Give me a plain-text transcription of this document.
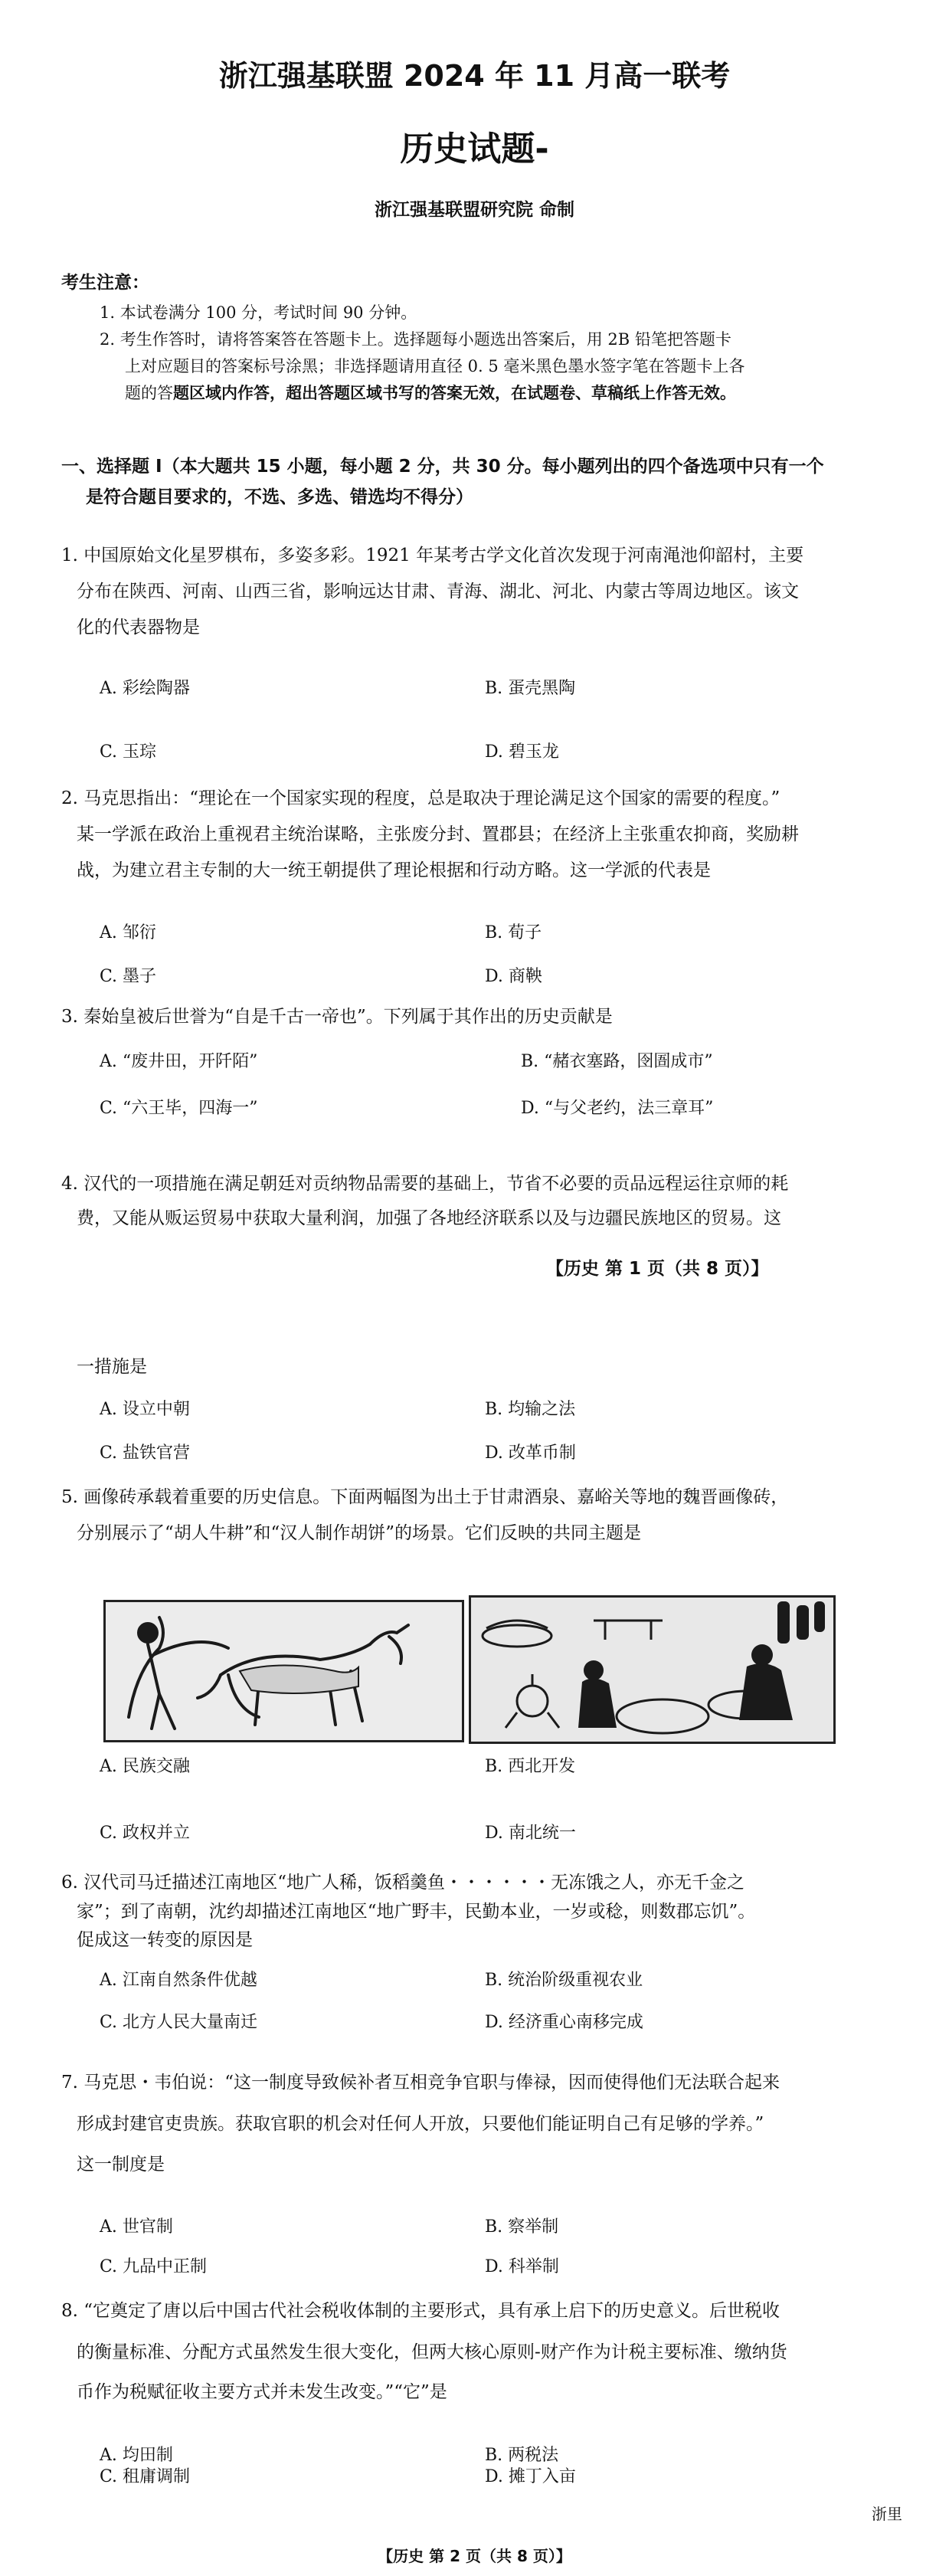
浙江强基联盟 2024 年 11 月高一联考
历史试题-
浙江强基联盟研究院 命制
考生注意：
1. 本试卷满分 100 分，考试时间 90 分钟。
2. 考生作答时，请将答案答在答题卡上。选择题每小题选出答案后，用 2B 铅笔把答题卡
上对应题目的答案标号涂黑；非选择题请用直径 0. 5 毫米黑色墨水签字笔在答题卡上各
题的答题区域内作答，超出答题区域书写的答案无效，在试题卷、草稿纸上作答无效。
一、选择题 I（本大题共 15 小题，每小题 2 分，共 30 分。每小题列出的四个备选项中只有一个
是符合题目要求的，不选、多选、错选均不得分）
1. 中国原始文化星罗棋布，多姿多彩。1921 年某考古学文化首次发现于河南渑池仰韶村，主要
分布在陕西、河南、山西三省，影响远达甘肃、青海、湖北、河北、内蒙古等周边地区。该文
化的代表器物是
A. 彩绘陶器	B. 蛋壳黑陶
C. 玉琮	D. 碧玉龙
2. 马克思指出：“理论在一个国家实现的程度，总是取决于理论满足这个国家的需要的程度。”
某一学派在政治上重视君主统治谋略，主张废分封、置郡县；在经济上主张重农抑商，奖励耕
战，为建立君主专制的大一统王朝提供了理论根据和行动方略。这一学派的代表是
A. 邹衍	B. 荀子
C. 墨子	D. 商鞅
3. 秦始皇被后世誉为“自是千古一帝也”。下列属于其作出的历史贡献是
A. “废井田，开阡陌”	B. “赭衣塞路，囹圄成市”
C. “六王毕，四海一”	D. “与父老约，法三章耳”
4. 汉代的一项措施在满足朝廷对贡纳物品需要的基础上，节省不必要的贡品远程运往京师的耗
费，又能从贩运贸易中获取大量利润，加强了各地经济联系以及与边疆民族地区的贸易。这
【历史 第 1 页（共 8 页）】
一措施是
A. 设立中朝	B. 均输之法
C. 盐铁官营	D. 改革币制
5. 画像砖承载着重要的历史信息。下面两幅图为出土于甘肃酒泉、嘉峪关等地的魏晋画像砖，
分别展示了“胡人牛耕”和“汉人制作胡饼”的场景。它们反映的共同主题是
A. 民族交融	B. 西北开发
C. 政权并立	D. 南北统一
6. 汉代司马迁描述江南地区“地广人稀，饭稻羹鱼・・・・・・无冻饿之人，亦无千金之
家”；到了南朝，沈约却描述江南地区“地广野丰，民勤本业，一岁或稔，则数郡忘饥”。
促成这一转变的原因是
A. 江南自然条件优越	B. 统治阶级重视农业
C. 北方人民大量南迁	D. 经济重心南移完成
7. 马克思・韦伯说：“这一制度导致候补者互相竞争官职与俸禄，因而使得他们无法联合起来
形成封建官吏贵族。获取官职的机会对任何人开放，只要他们能证明自己有足够的学养。”
这一制度是
A. 世官制	B. 察举制
C. 九品中正制	D. 科举制
8. “它奠定了唐以后中国古代社会税收体制的主要形式，具有承上启下的历史意义。后世税收
的衡量标准、分配方式虽然发生很大变化，但两大核心原则-财产作为计税主要标准、缴纳货
币作为税赋征收主要方式并未发生改变。”“它”是
A. 均田制	B. 两税法
C. 租庸调制	D. 摊丁入亩
浙里
【历史 第 2 页（共 8 页）】
